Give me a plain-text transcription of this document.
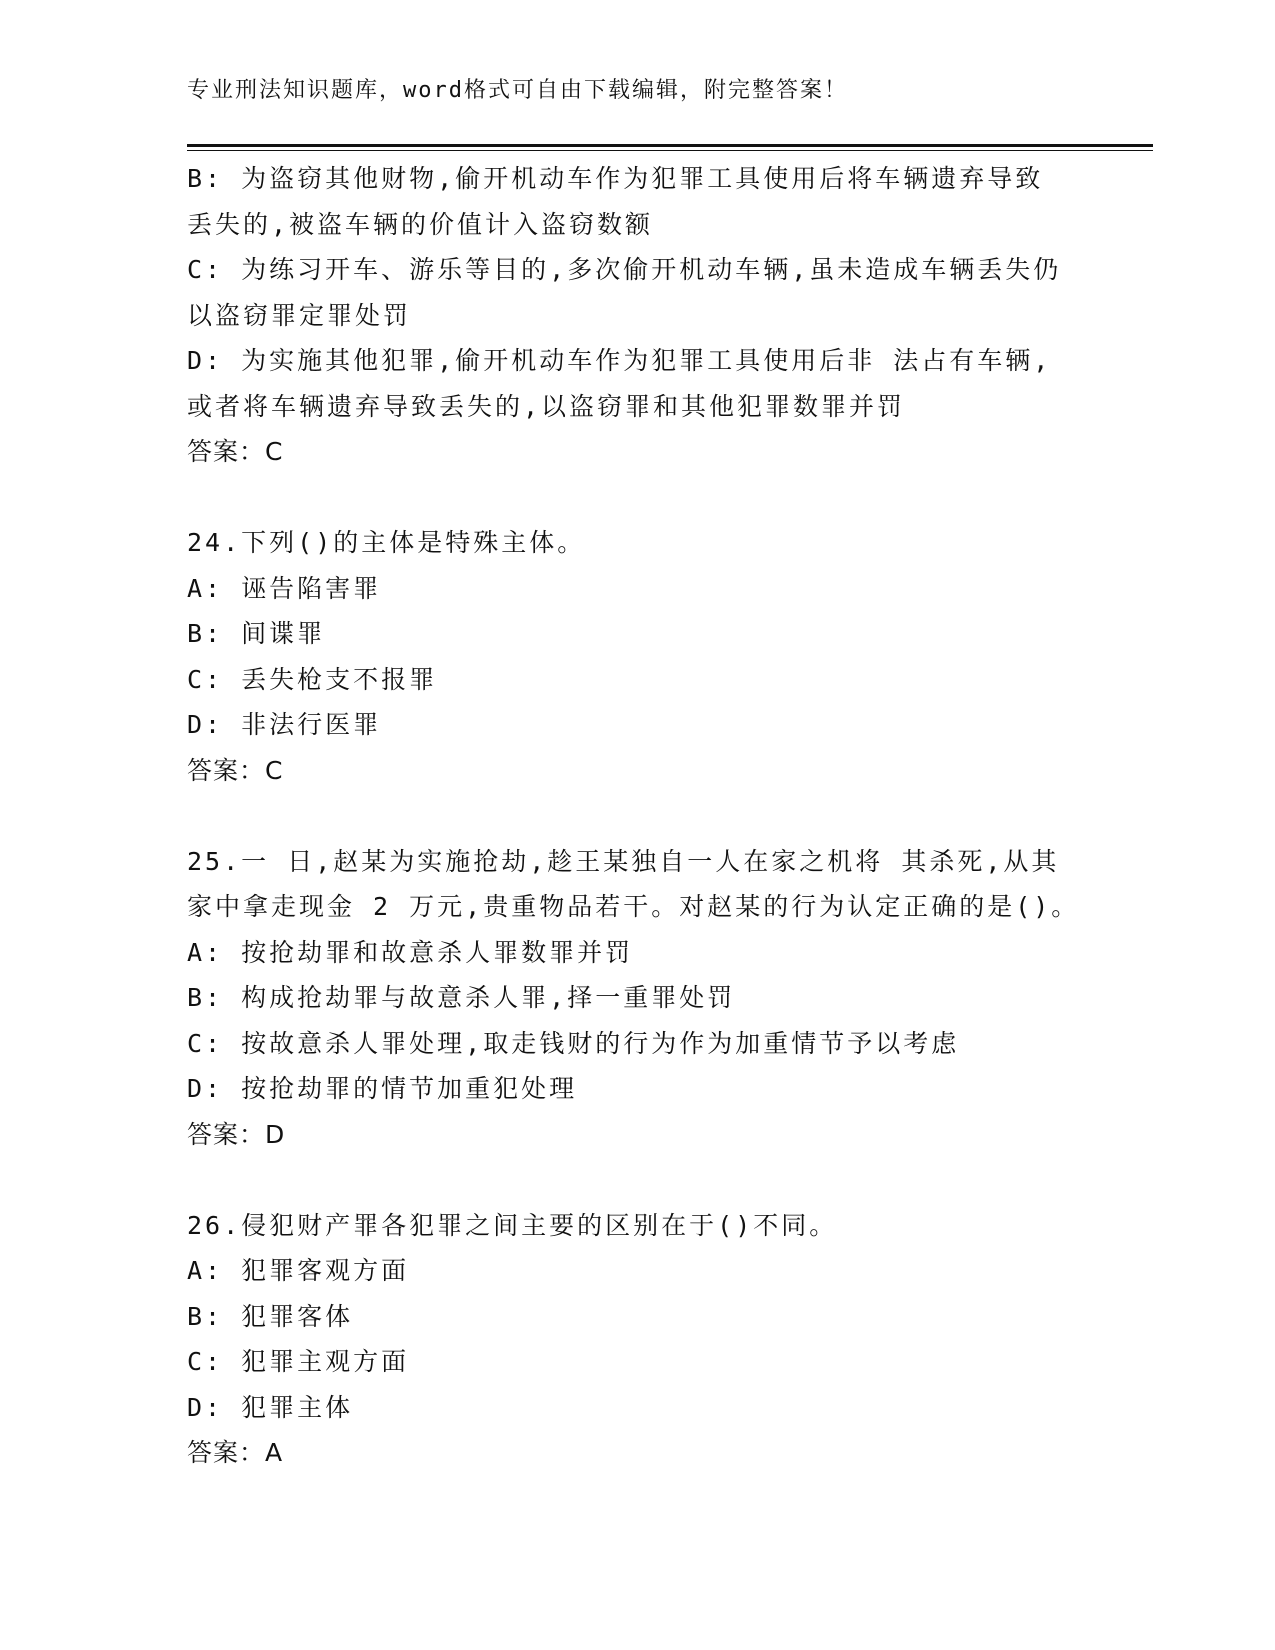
专业刑法知识题库，word格式可自由下载编辑，附完整答案！
B: 为盗窃其他财物,偷开机动车作为犯罪工具使用后将车辆遗弃导致
丢失的,被盗车辆的价值计入盗窃数额
C: 为练习开车、游乐等目的,多次偷开机动车辆,虽未造成车辆丢失仍
以盗窃罪定罪处罚
D: 为实施其他犯罪,偷开机动车作为犯罪工具使用后非 法占有车辆,
或者将车辆遗弃导致丢失的,以盗窃罪和其他犯罪数罪并罚
答案：C
24.下列()的主体是特殊主体。
A: 诬告陷害罪
B: 间谍罪
C: 丢失枪支不报罪
D: 非法行医罪
答案：C
25.一 日,赵某为实施抢劫,趁王某独自一人在家之机将 其杀死,从其
家中拿走现金 2 万元,贵重物品若干。对赵某的行为认定正确的是()。
A: 按抢劫罪和故意杀人罪数罪并罚
B: 构成抢劫罪与故意杀人罪,择一重罪处罚
C: 按故意杀人罪处理,取走钱财的行为作为加重情节予以考虑
D: 按抢劫罪的情节加重犯处理
答案：D
26.侵犯财产罪各犯罪之间主要的区别在于()不同。
A: 犯罪客观方面
B: 犯罪客体
C: 犯罪主观方面
D: 犯罪主体
答案：A
